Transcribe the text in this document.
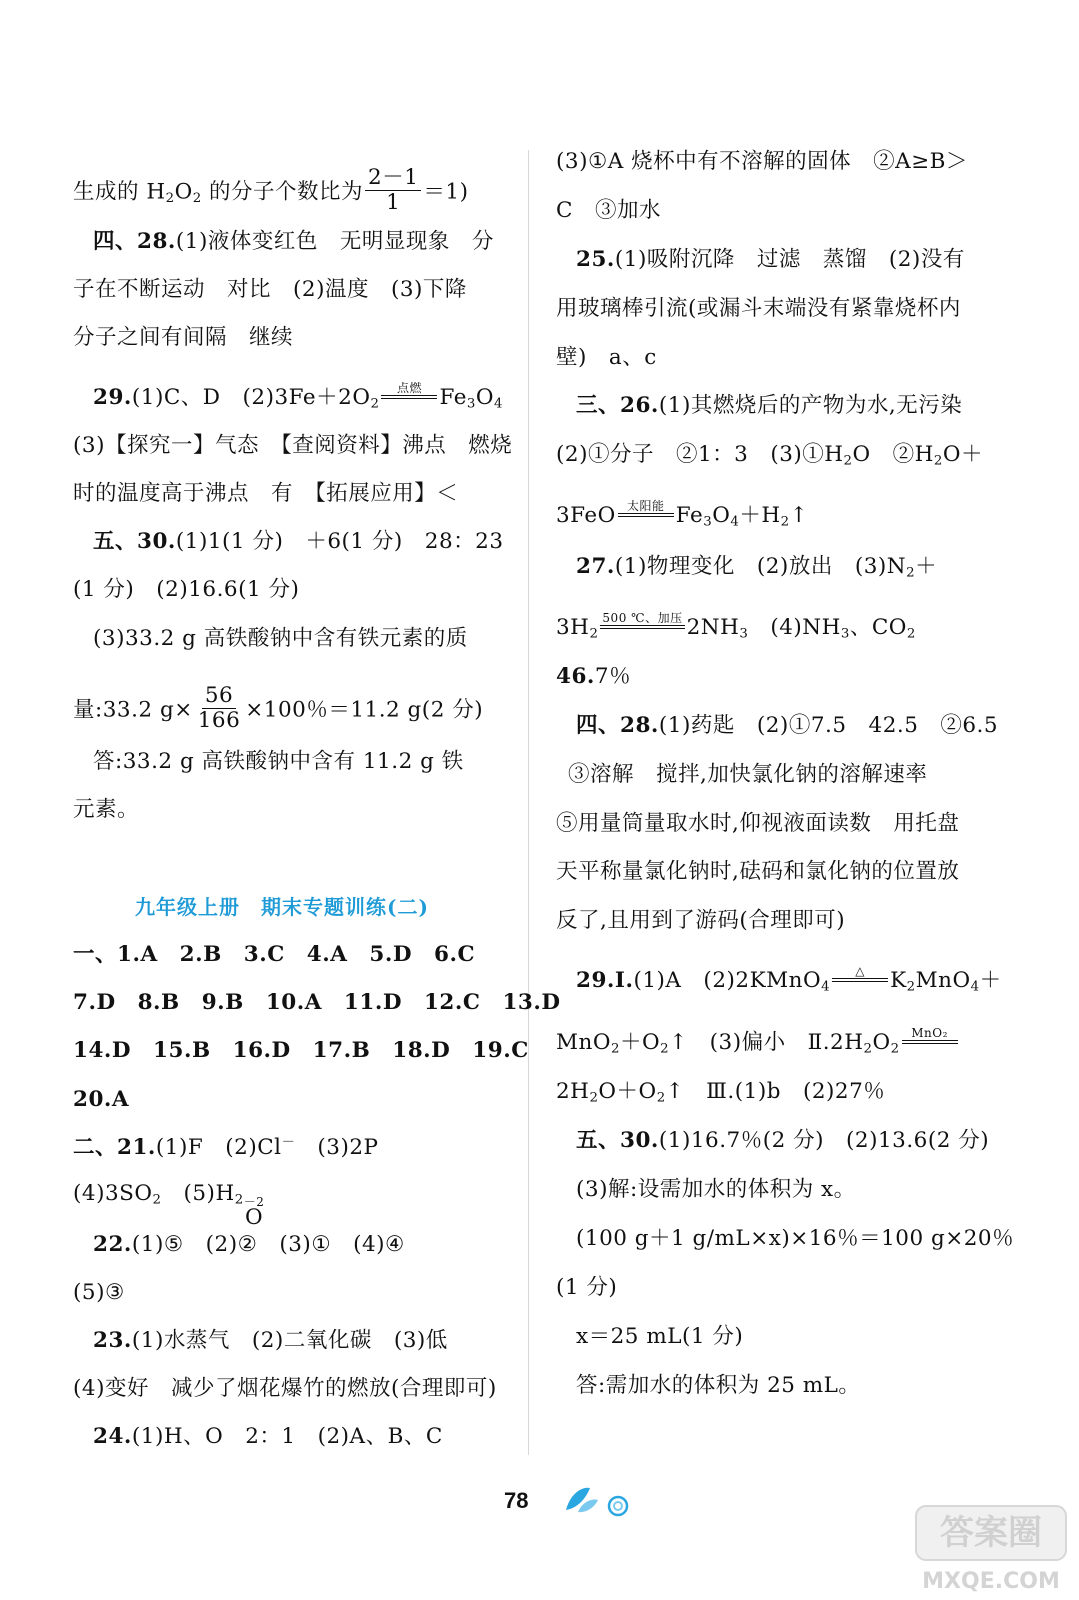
生成的 $H_2O_2$ 的分子个数比为 $\frac{2-1}{1} =1$)
四、28.(1)液体变红色　无明显现象　分
子在不断运动　对比　(2)温度　(3)下降
分子之间有间隔　继续
29.(1)C、D　$(2)3Fe+2O_2$
点燃 $Fe_3O_4$
(3)【探究一】气态　【查阅资料】沸点　燃烧
时的温度高于沸点　有　【拓展应用】＜
五、30.(1)1(1 分)　＋6(1 分)　28：23
(1 分)　(2)16.6(1 分)
(3)33.2 g 高铁酸钠中含有铁元素的质
量:33.2 $g\times \frac{56}{166} \times 100$％＝11.2 g(2 分)
答:33.2 g 高铁酸钠中含有 11.2 g 铁
元素。
九年级上册　期末专题训练(二)
一、1.A　2.B　3.C　4.A　5.D　6.C
7.D　8.B　9.B　10.A　11.D　12.C　13.D
14.D　15.B　16.D　17.B　18.D　19.C
20.A
二、21.(1)F　(2)Cl－　(3)2P
$(4)3SO_2$　$(5)H_2 -2$
O
22.(1)⑤　(2)②　(3)①　(4)④
(5)③
23.(1)水蒸气　(2)二氧化碳　(3)低
(4)变好　减少了烟花爆竹的燃放(合理即可)
24.(1)H、O　2：1　(2)A、B、C
(3)①A 烧杯中有不溶解的固体　②A≥B＞
C　③加水
25.(1)吸附沉降　过滤　蒸馏　(2)没有
用玻璃棒引流(或漏斗末端没有紧靠烧杯内
壁)　a、c
三、26.(1)其燃烧后的产物为水,无污染
(2)①分子　②1：3　$(3)①H_2O$　$②H_2O+$
3FeO 太阳能 $Fe_3O_4+H_2↑$
27.(1)物理变化　(2)放出　$(3)N_2+$
$3H_2$
500 ℃、加压 $2NH_3$　$(4)NH_3$、$CO_2$
46.7％
四、28.(1)药匙　(2)①7.5　42.5　②6.5
③溶解　搅拌,加快氯化钠的溶解速率
⑤用量筒量取水时,仰视液面读数　用托盘
天平称量氯化钠时,砝码和氯化钠的位置放
反了,且用到了游码(合理即可)
29.Ⅰ.(1)A　(2)2KMnO$_4$
△ $K_2MnO_4+$
$MnO_2+O_2↑$　(3)偏小　$Ⅱ.2H_2O_2$
MnO₂
$2H_2O+O_2↑$　Ⅲ.(1)b　(2)27％
五、30.(1)16.7％(2 分)　(2)13.6(2 分)
(3)解:设需加水的体积为 x。
(100 g＋1 g/mL×x)×16％＝100 g×20％
(1 分)
x＝25 mL(1 分)
答:需加水的体积为 25 mL。
78
答案圈
MXQE.COM
